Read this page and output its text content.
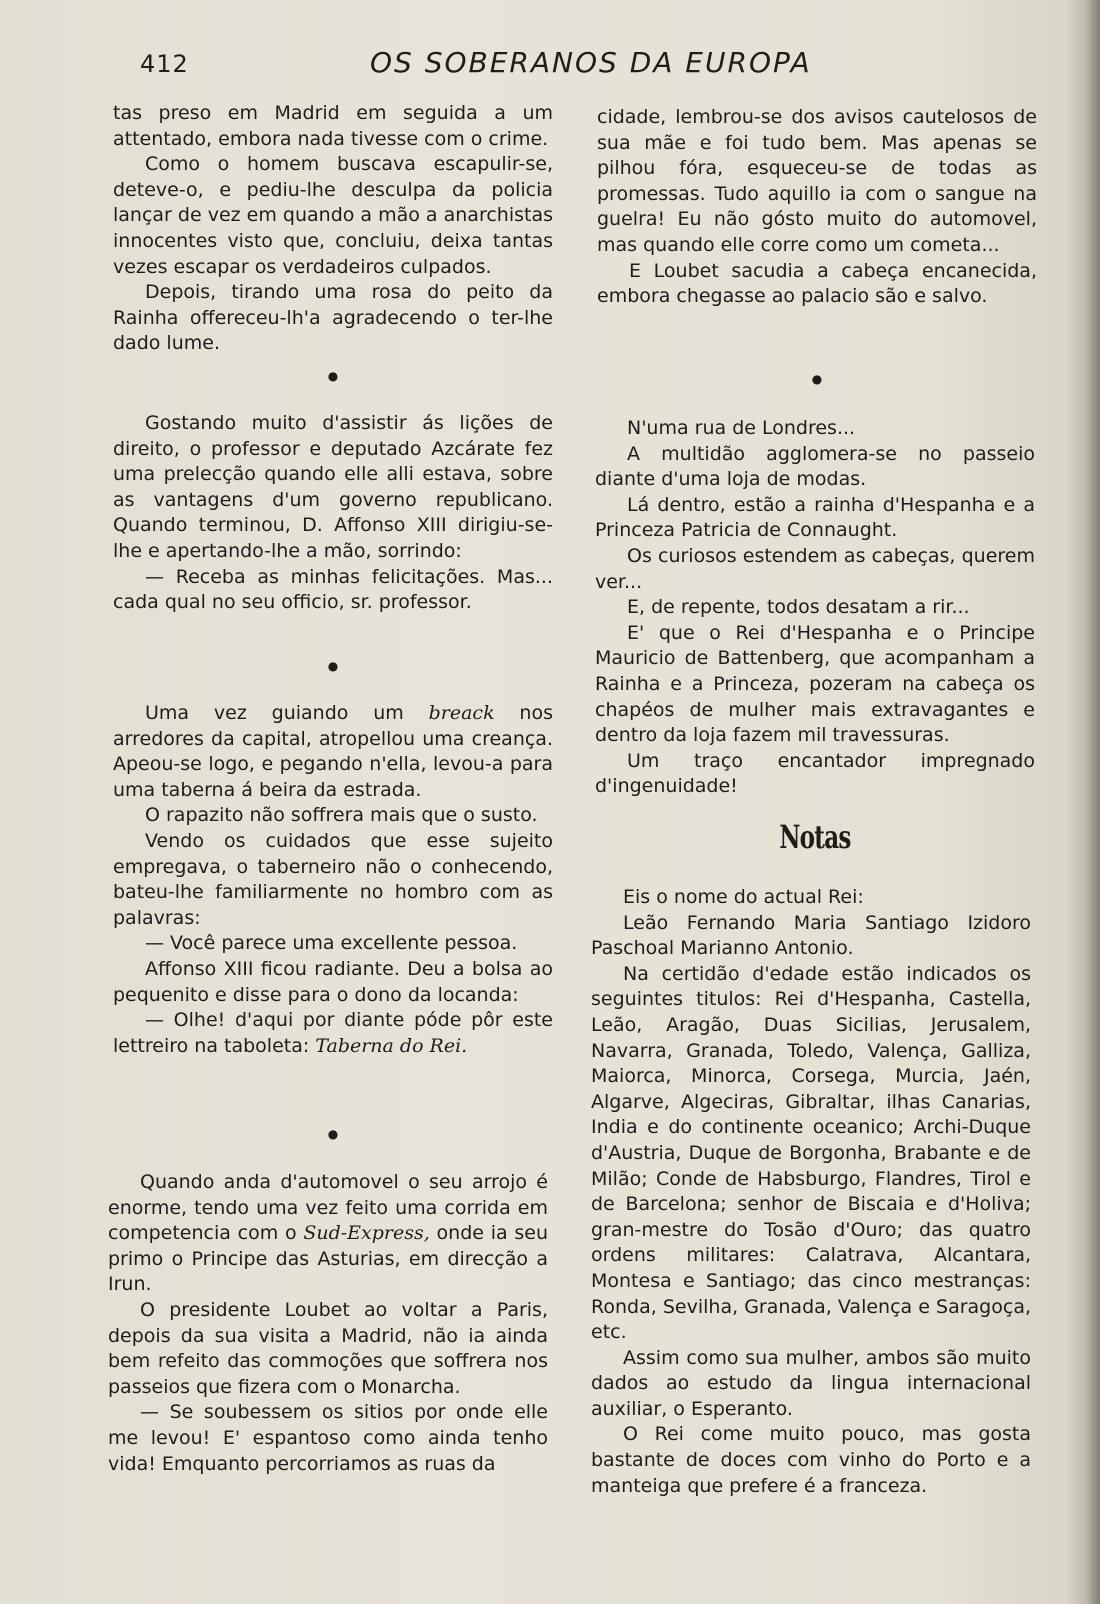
412	OS SOBERANOS DA EUROPA

tas preso em Madrid em seguida a um attentado, embora nada tivesse com o crime.

Como o homem buscava escapulir-se, deteve-o, e pediu-lhe desculpa da policia lançar de vez em quando a mão a anarchistas innocentes visto que, concluiu, deixa tantas vezes escapar os verdadeiros culpados.

Depois, tirando uma rosa do peito da Rainha offereceu-lh'a agradecendo o ter-lhe dado lume.

●

Gostando muito d'assistir ás lições de direito, o professor e deputado Azcárate fez uma prelecção quando elle alli estava, sobre as vantagens d'um governo republicano. Quando terminou, D. Affonso XIII dirigiu-se-lhe e apertando-lhe a mão, sorrindo:

— Receba as minhas felicitações. Mas... cada qual no seu officio, sr. professor.

●

Uma vez guiando um breack nos arredores da capital, atropellou uma creança. Apeou-se logo, e pegando n'ella, levou-a para uma taberna á beira da estrada.

O rapazito não soffrera mais que o susto.

Vendo os cuidados que esse sujeito empregava, o taberneiro não o conhecendo, bateu-lhe familiarmente no hombro com as palavras:

— Você parece uma excellente pessoa.

Affonso XIII ficou radiante. Deu a bolsa ao pequenito e disse para o dono da locanda:

— Olhe! d'aqui por diante póde pôr este lettreiro na taboleta: Taberna do Rei.

●

Quando anda d'automovel o seu arrojo é enorme, tendo uma vez feito uma corrida em competencia com o Sud-Express, onde ia seu primo o Principe das Asturias, em direcção a Irun.

O presidente Loubet ao voltar a Paris, depois da sua visita a Madrid, não ia ainda bem refeito das commoções que soffrera nos passeios que fizera com o Monarcha.

— Se soubessem os sitios por onde elle me levou! E' espantoso como ainda tenho vida! Emquanto percorriamos as ruas da

cidade, lembrou-se dos avisos cautelosos de sua mãe e foi tudo bem. Mas apenas se pilhou fóra, esqueceu-se de todas as promessas. Tudo aquillo ia com o sangue na guelra! Eu não gósto muito do automovel, mas quando elle corre como um cometa...

E Loubet sacudia a cabeça encanecida, embora chegasse ao palacio são e salvo.

●

N'uma rua de Londres...

A multidão agglomera-se no passeio diante d'uma loja de modas.

Lá dentro, estão a rainha d'Hespanha e a Princeza Patricia de Connaught.

Os curiosos estendem as cabeças, querem ver...

E, de repente, todos desatam a rir...

E' que o Rei d'Hespanha e o Principe Mauricio de Battenberg, que acompanham a Rainha e a Princeza, pozeram na cabeça os chapéos de mulher mais extravagantes e dentro da loja fazem mil travessuras.

Um traço encantador impregnado d'ingenuidade!

Notas

Eis o nome do actual Rei:

Leão Fernando Maria Santiago Izidoro Paschoal Marianno Antonio.

Na certidão d'edade estão indicados os seguintes titulos: Rei d'Hespanha, Castella, Leão, Aragão, Duas Sicilias, Jerusalem, Navarra, Granada, Toledo, Valença, Galliza, Maiorca, Minorca, Corsega, Murcia, Jaén, Algarve, Algeciras, Gibraltar, ilhas Canarias, India e do continente oceanico; Archi-Duque d'Austria, Duque de Borgonha, Brabante e de Milão; Conde de Habsburgo, Flandres, Tirol e de Barcelona; senhor de Biscaia e d'Holiva; gran-mestre do Tosão d'Ouro; das quatro ordens militares: Calatrava, Alcantara, Montesa e Santiago; das cinco mestranças: Ronda, Sevilha, Granada, Valença e Saragoça, etc.

Assim como sua mulher, ambos são muito dados ao estudo da lingua internacional auxiliar, o Esperanto.

O Rei come muito pouco, mas gosta bastante de doces com vinho do Porto e a manteiga que prefere é a franceza.
